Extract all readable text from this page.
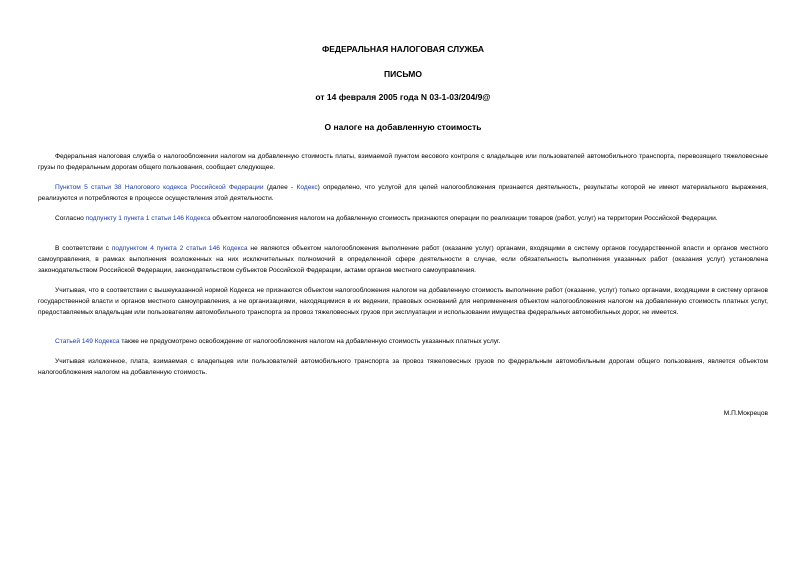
ФЕДЕРАЛЬНАЯ НАЛОГОВАЯ СЛУЖБА
ПИСЬМО
от 14 февраля 2005 года N 03-1-03/204/9@
О налоге на добавленную стоимость
Федеральная налоговая служба о налогообложении налогом на добавленную стоимость платы, взимаемой пунктом весового контроля с владельцев или пользователей автомобильного транспорта, перевозящего тяжеловесные грузы по федеральным дорогам общего пользования, сообщает следующее.
Пунктом 5 статьи 38 Налогового кодекса Российской Федерации (далее - Кодекс) определено, что услугой для целей налогообложения признается деятельность, результаты которой не имеют материального выражения, реализуются и потребляются в процессе осуществления этой деятельности.
Согласно подпункту 1 пункта 1 статьи 146 Кодекса объектом налогообложения налогом на добавленную стоимость признаются операции по реализации товаров (работ, услуг) на территории Российской Федерации.
В соответствии с подпунктом 4 пункта 2 статьи 146 Кодекса не являются объектом налогообложения выполнение работ (оказание услуг) органами, входящими в систему органов государственной власти и органов местного самоуправления, в рамках выполнения возложенных на них исключительных полномочий в определенной сфере деятельности в случае, если обязательность выполнения указанных работ (оказания услуг) установлена законодательством Российской Федерации, законодательством субъектов Российской Федерации, актами органов местного самоуправления.
Учитывая, что в соответствии с вышеуказанной нормой Кодекса не признаются объектом налогообложения налогом на добавленную стоимость выполнение работ (оказание, услуг) только органами, входящими в систему органов государственной власти и органов местного самоуправления, а не организациями, находящимися в их ведении, правовых оснований для неприменения объектом налогообложения налогом на добавленную стоимость платных услуг, предоставляемых владельцам или пользователям автомобильного транспорта за провоз тяжеловесных грузов при эксплуатации и использовании имущества федеральных автомобильных дорог, не имеется.
Статьей 149 Кодекса также не предусмотрено освобождение от налогообложения налогом на добавленную стоимость указанных платных услуг.
Учитывая изложенное, плата, взимаемая с владельцев или пользователей автомобильного транспорта за провоз тяжеловесных грузов по федеральным автомобильным дорогам общего пользования, является объектом налогообложения налогом на добавленную стоимость.
М.П.Мокрецов
